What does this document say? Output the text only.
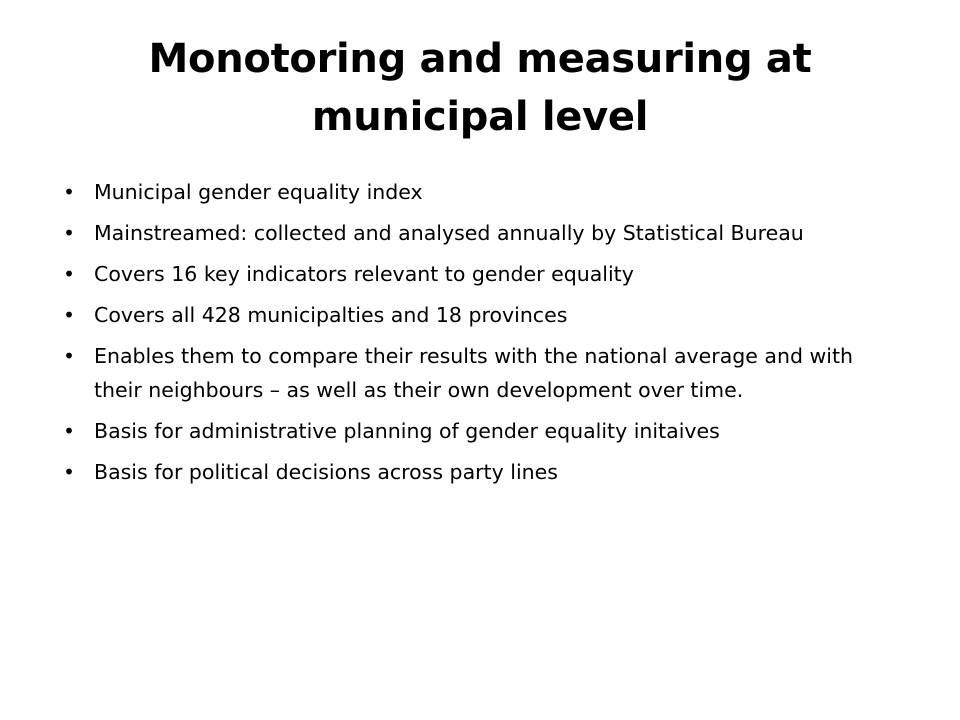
Monotoring and measuring at
municipal level
• Municipal gender equality index
• Mainstreamed: collected and analysed annually by Statistical Bureau
• Covers 16 key indicators relevant to gender equality
• Covers all 428 municipalties and 18 provinces
• Enables them to compare their results with the national average and with their neighbours – as well as their own development over time.
• Basis for administrative planning of gender equality initaives
• Basis for political decisions across party lines
